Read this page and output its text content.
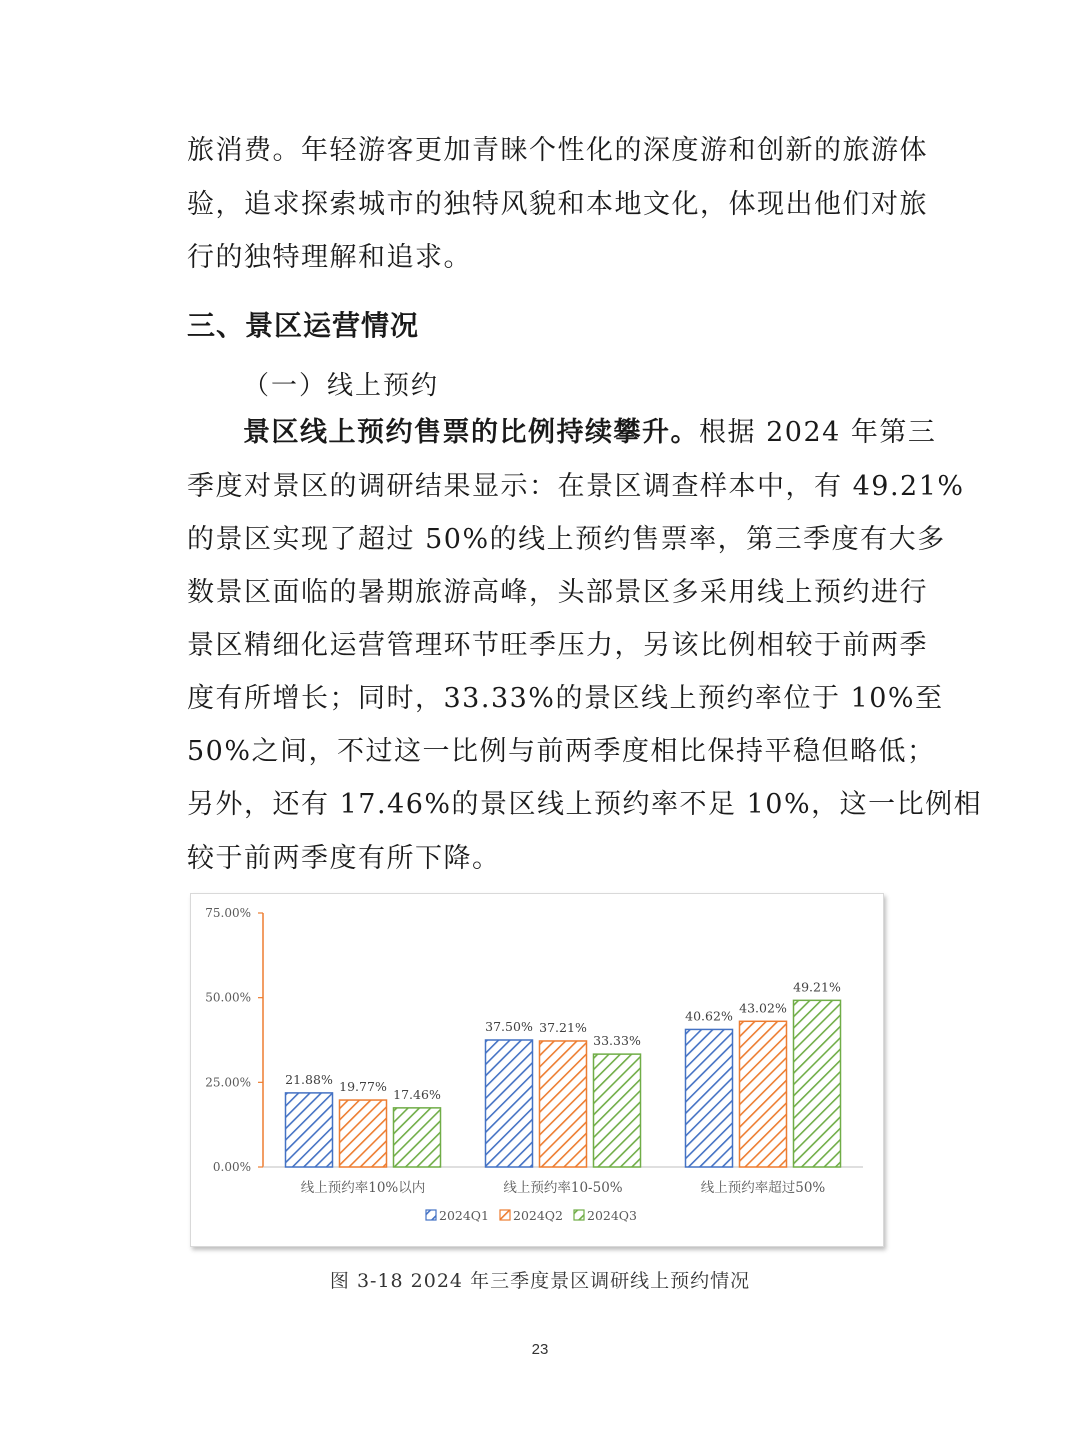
旅消费。年轻游客更加青睐个性化的深度游和创新的旅游体
验，追求探索城市的独特风貌和本地文化，体现出他们对旅
行的独特理解和追求。
三、景区运营情况
（一）线上预约
景区线上预约售票的比例持续攀升。根据 2024 年第三
季度对景区的调研结果显示：在景区调查样本中，有 49.21%
的景区实现了超过 50%的线上预约售票率，第三季度有大多
数景区面临的暑期旅游高峰，头部景区多采用线上预约进行
景区精细化运营管理环节旺季压力，另该比例相较于前两季
度有所增长；同时，33.33%的景区线上预约率位于 10%至
50%之间，不过这一比例与前两季度相比保持平稳但略低；
另外，还有 17.46%的景区线上预约率不足 10%，这一比例相
较于前两季度有所下降。
0.00%
25.00%
50.00%
75.00%
21.88% 19.77%
17.46%
线上预约率10%以内
37.50% 37.21%
33.33%
线上预约率10-50%
40.62%
43.02%
49.21%
线上预约率超过50%
2024Q1 2024Q2 2024Q3
图 3-18 2024 年三季度景区调研线上预约情况
23
